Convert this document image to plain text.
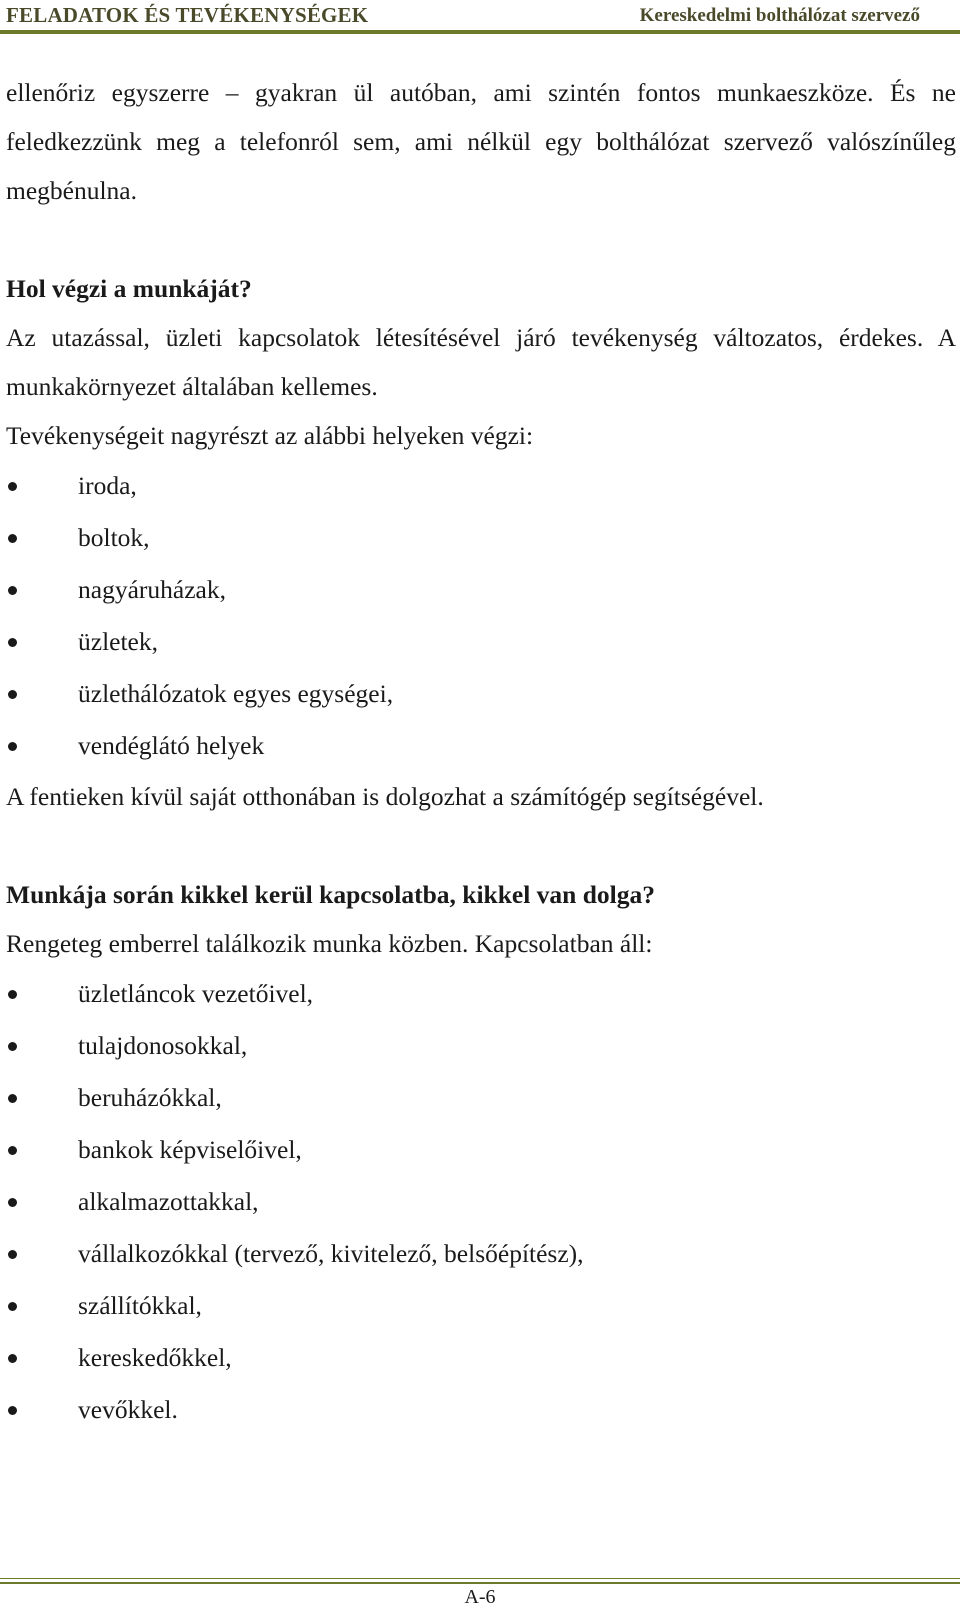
FELADATOK ÉS TEVÉKENYSÉGEK	Kereskedelmi bolthálózat szervező

ellenőriz egyszerre – gyakran ül autóban, ami szintén fontos munkaeszköze. És ne feledkezzünk meg a telefonról sem, ami nélkül egy bolthálózat szervező valószínűleg megbénulna.

Hol végzi a munkáját?

Az utazással, üzleti kapcsolatok létesítésével járó tevékenység változatos, érdekes. A munkakörnyezet általában kellemes.

Tevékenységeit nagyrészt az alábbi helyeken végzi:

iroda,
boltok,
nagyáruházak,
üzletek,
üzlethálózatok egyes egységei,
vendéglátó helyek

A fentieken kívül saját otthonában is dolgozhat a számítógép segítségével.

Munkája során kikkel kerül kapcsolatba, kikkel van dolga?

Rengeteg emberrel találkozik munka közben. Kapcsolatban áll:

üzletláncok vezetőivel,
tulajdonosokkal,
beruházókkal,
bankok képviselőivel,
alkalmazottakkal,
vállalkozókkal (tervező, kivitelező, belsőépítész),
szállítókkal,
kereskedőkkel,
vevőkkel.
A-6
